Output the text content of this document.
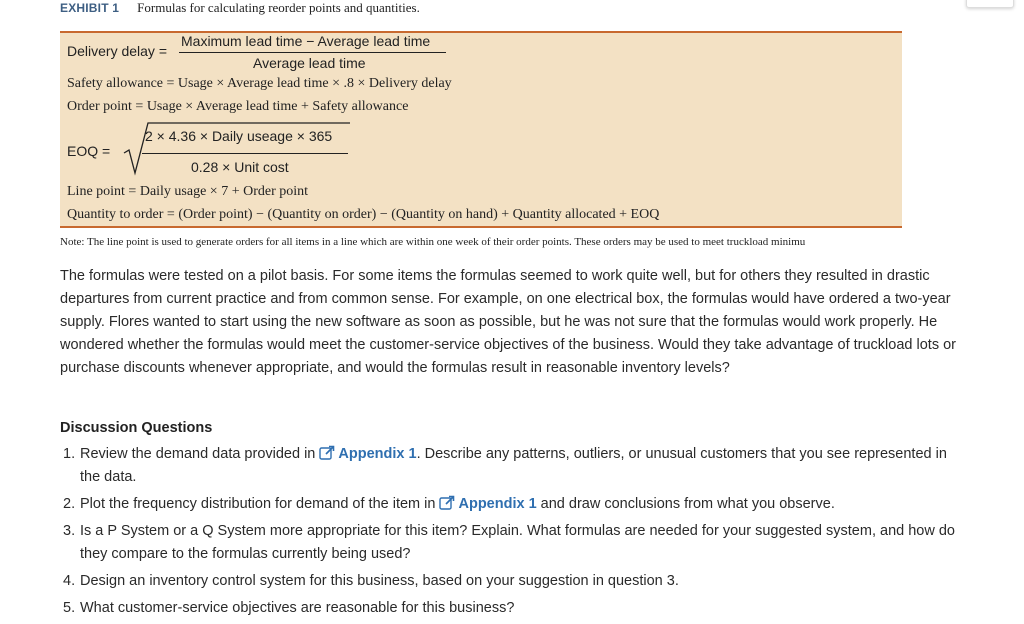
EXHIBIT 1 Formulas for calculating reorder points and quantities.
Delivery delay =
Maximum lead time − Average lead time
Average lead time
Safety allowance = Usage × Average lead time × .8 × Delivery delay
Order point = Usage × Average lead time + Safety allowance
EOQ =
2 × 4.36 × Daily useage × 365
0.28 × Unit cost
Line point = Daily usage × 7 + Order point
Quantity to order = (Order point) − (Quantity on order) − (Quantity on hand) + Quantity allocated + EOQ
Note: The line point is used to generate orders for all items in a line which are within one week of their order points. These orders may be used to meet truckload minimu

The formulas were tested on a pilot basis. For some items the formulas seemed to work quite well, but for others they resulted in drastic departures from current practice and from common sense. For example, on one electrical box, the formulas would have ordered a two-year supply. Flores wanted to start using the new software as soon as possible, but he was not sure that the formulas would work properly. He wondered whether the formulas would meet the customer-service objectives of the business. Would they take advantage of truckload lots or purchase discounts whenever appropriate, and would the formulas result in reasonable inventory levels?

Discussion Questions
1. Review the demand data provided in Appendix 1. Describe any patterns, outliers, or unusual customers that you see represented in the data.
2. Plot the frequency distribution for demand of the item in Appendix 1 and draw conclusions from what you observe.
3. Is a P System or a Q System more appropriate for this item? Explain. What formulas are needed for your suggested system, and how do they compare to the formulas currently being used?
4. Design an inventory control system for this business, based on your suggestion in question 3.
5. What customer-service objectives are reasonable for this business?
